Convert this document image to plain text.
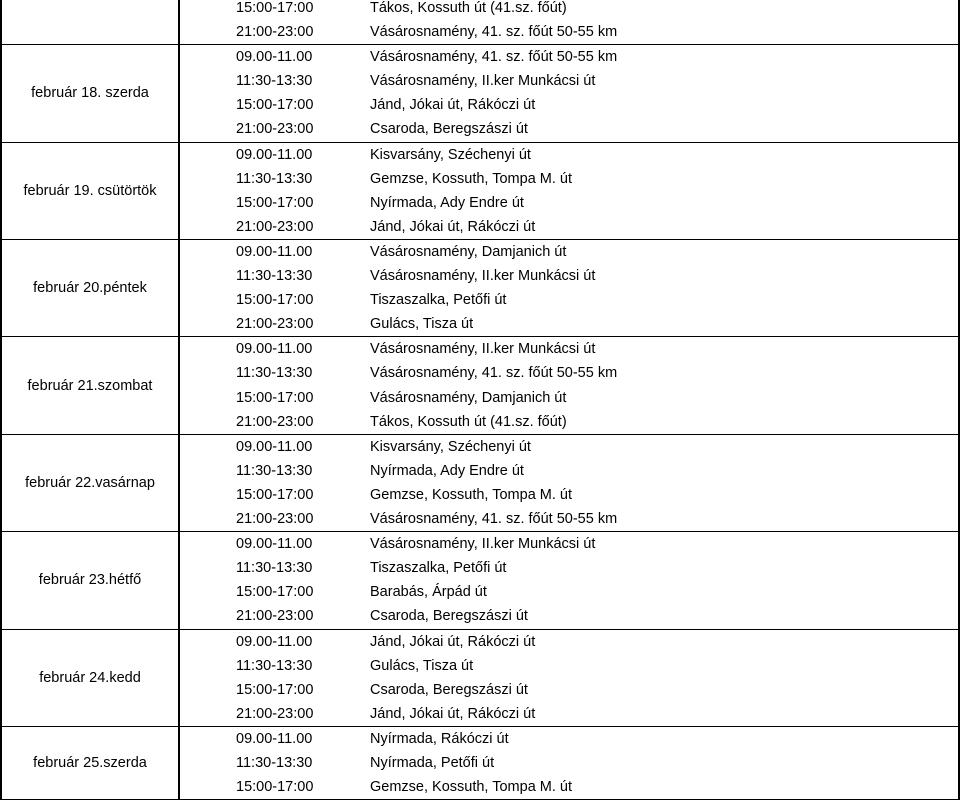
15:00-17:00	Tákos, Kossuth út (41.sz. főút)
21:00-23:00	Vásárosnamény, 41. sz. főút 50-55 km
február 18. szerda
09.00-11.00	Vásárosnamény, 41. sz. főút 50-55 km
11:30-13:30	Vásárosnamény, II.ker Munkácsi út
15:00-17:00	Jánd, Jókai út, Rákóczi út
21:00-23:00	Csaroda, Beregszászi út
február 19. csütörtök
09.00-11.00	Kisvarsány, Széchenyi út
11:30-13:30	Gemzse, Kossuth, Tompa M. út
15:00-17:00	Nyírmada, Ady Endre út
21:00-23:00	Jánd, Jókai út, Rákóczi út
február 20.péntek
09.00-11.00	Vásárosnamény, Damjanich út
11:30-13:30	Vásárosnamény, II.ker Munkácsi út
15:00-17:00	Tiszaszalka, Petőfi út
21:00-23:00	Gulács, Tisza út
február 21.szombat
09.00-11.00	Vásárosnamény, II.ker Munkácsi út
11:30-13:30	Vásárosnamény, 41. sz. főút 50-55 km
15:00-17:00	Vásárosnamény, Damjanich út
21:00-23:00	Tákos, Kossuth út (41.sz. főút)
február 22.vasárnap
09.00-11.00	Kisvarsány, Széchenyi út
11:30-13:30	Nyírmada, Ady Endre út
15:00-17:00	Gemzse, Kossuth, Tompa M. út
21:00-23:00	Vásárosnamény, 41. sz. főút 50-55 km
február 23.hétfő
09.00-11.00	Vásárosnamény, II.ker Munkácsi út
11:30-13:30	Tiszaszalka, Petőfi út
15:00-17:00	Barabás, Árpád út
21:00-23:00	Csaroda, Beregszászi út
február 24.kedd
09.00-11.00	Jánd, Jókai út, Rákóczi út
11:30-13:30	Gulács, Tisza út
15:00-17:00	Csaroda, Beregszászi út
21:00-23:00	Jánd, Jókai út, Rákóczi út
február 25.szerda
09.00-11.00	Nyírmada, Rákóczi út
11:30-13:30	Nyírmada, Petőfi út
15:00-17:00	Gemzse, Kossuth, Tompa M. út
